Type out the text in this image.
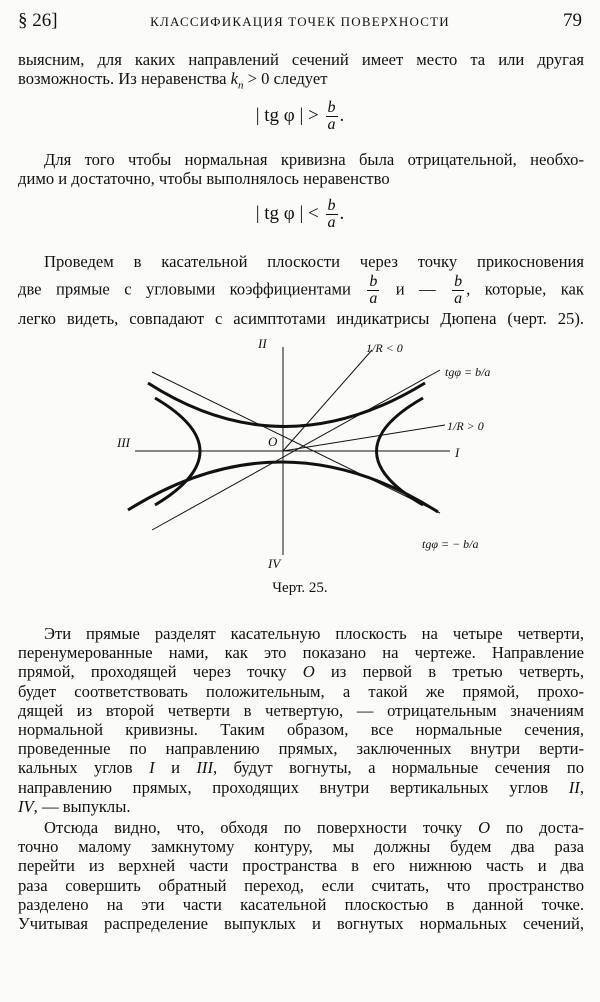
§ 26]	КЛАССИФИКАЦИЯ ТОЧЕК ПОВЕРХНОСТИ	79
выясним, для каких направлений сечений имеет место та или другая
возможность. Из неравенства $k_n > 0$ следует
| tg φ | > $\frac{b}{a}$ .
Для того чтобы нормальная кривизна была отрицательной, необхо-
димо и достаточно, чтобы выполнялось неравенство
| tg φ | < $\frac{b}{a}$ .
Проведем в касательной плоскости через точку прикосновения
две прямые с угловыми коэффициентами $\frac{b}{a}$ и — $\frac{b}{a}$ , которые, как
легко видеть, совпадают с асимптотами индикатрисы Дюпена (черт. 25).
II
III
I
IV
O
1/R < 0
1/R > 0
tgφ = b/a
tgφ = − b/a
Черт. 25.
Эти прямые разделят касательную плоскость на четыре четверти,
перенумерованные нами, как это показано на чертеже. Направление
прямой, проходящей через точку O из первой в третью четверть,
будет соответствовать положительным, а такой же прямой, прохо-
дящей из второй четверти в четвертую, — отрицательным значениям
нормальной кривизны. Таким образом, все нормальные сечения,
проведенные по направлению прямых, заключенных внутри верти-
кальных углов I и III, будут вогнуты, а нормальные сечения по
направлению прямых, проходящих внутри вертикальных углов II,
IV, — выпуклы.
Отсюда видно, что, обходя по поверхности точку O по доста-
точно малому замкнутому контуру, мы должны будем два раза
перейти из верхней части пространства в его нижнюю часть и два
раза совершить обратный переход, если считать, что пространство
разделено на эти части касательной плоскостью в данной точке.
Учитывая распределение выпуклых и вогнутых нормальных сечений,
